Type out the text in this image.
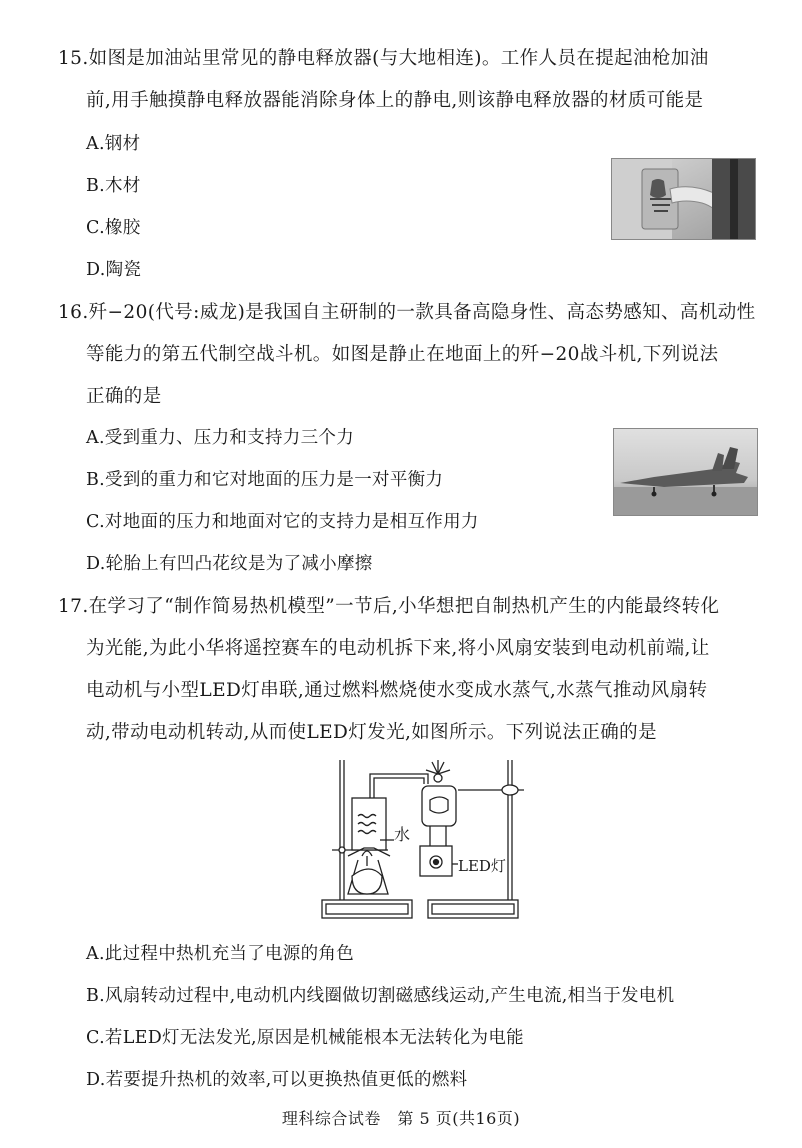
15.如图是加油站里常见的静电释放器(与大地相连)。工作人员在提起油枪加油
前,用手触摸静电释放器能消除身体上的静电,则该静电释放器的材质可能是
A.钢材
B.木材
C.橡胶
D.陶瓷
16.歼−20(代号:威龙)是我国自主研制的一款具备高隐身性、高态势感知、高机动性
等能力的第五代制空战斗机。如图是静止在地面上的歼−20战斗机,下列说法
正确的是
A.受到重力、压力和支持力三个力
B.受到的重力和它对地面的压力是一对平衡力
C.对地面的压力和地面对它的支持力是相互作用力
D.轮胎上有凹凸花纹是为了减小摩擦
17.在学习了“制作简易热机模型”一节后,小华想把自制热机产生的内能最终转化
为光能,为此小华将遥控赛车的电动机拆下来,将小风扇安装到电动机前端,让
电动机与小型LED灯串联,通过燃料燃烧使水变成水蒸气,水蒸气推动风扇转
动,带动电动机转动,从而使LED灯发光,如图所示。下列说法正确的是
水
LED灯
A.此过程中热机充当了电源的角色
B.风扇转动过程中,电动机内线圈做切割磁感线运动,产生电流,相当于发电机
C.若LED灯无法发光,原因是机械能根本无法转化为电能
D.若要提升热机的效率,可以更换热值更低的燃料
理科综合试卷　第 5 页(共16页)
